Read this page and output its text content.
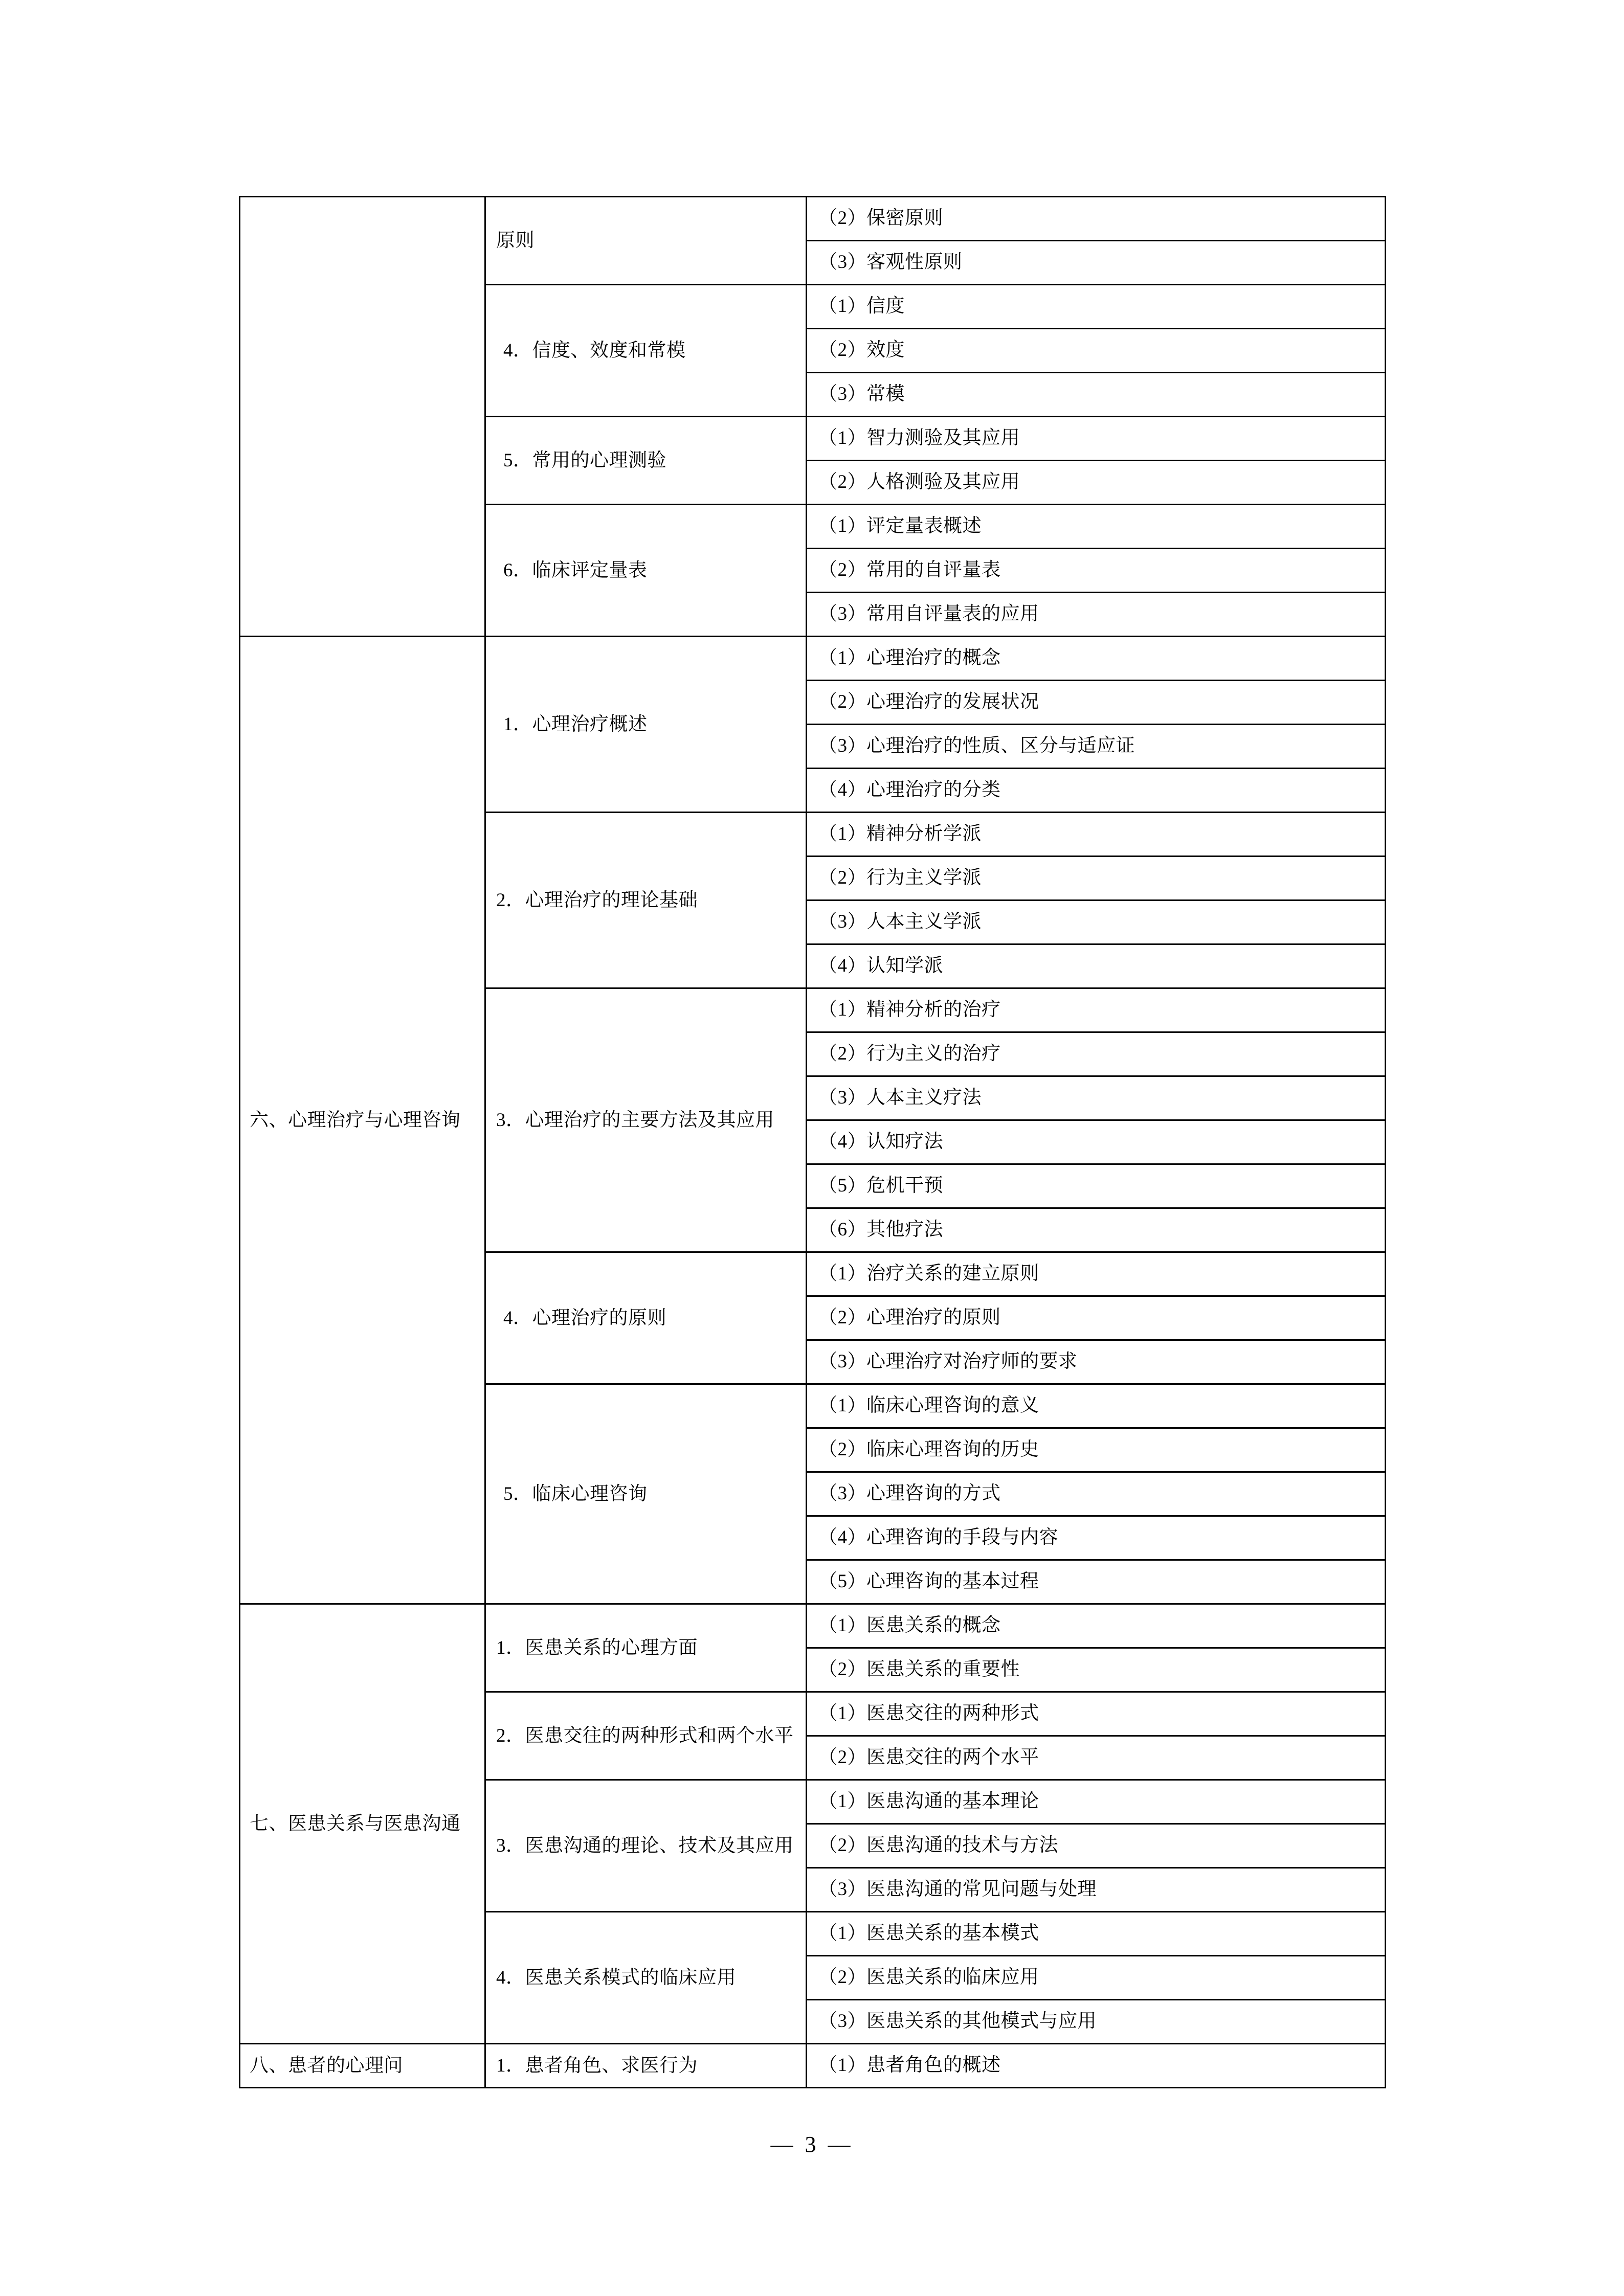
	原则	（2）保密原则
		（3）客观性原则
	4．信度、效度和常模	（1）信度
		（2）效度
		（3）常模
	5．常用的心理测验	（1）智力测验及其应用
		（2）人格测验及其应用
	6．临床评定量表	（1）评定量表概述
		（2）常用的自评量表
		（3）常用自评量表的应用
六、心理治疗与心理咨询	1．心理治疗概述	（1）心理治疗的概念
		（2）心理治疗的发展状况
		（3）心理治疗的性质、区分与适应证
		（4）心理治疗的分类
	2．心理治疗的理论基础	（1）精神分析学派
		（2）行为主义学派
		（3）人本主义学派
		（4）认知学派
	3．心理治疗的主要方法及其应用	（1）精神分析的治疗
		（2）行为主义的治疗
		（3）人本主义疗法
		（4）认知疗法
		（5）危机干预
		（6）其他疗法
	4．心理治疗的原则	（1）治疗关系的建立原则
		（2）心理治疗的原则
		（3）心理治疗对治疗师的要求
	5．临床心理咨询	（1）临床心理咨询的意义
		（2）临床心理咨询的历史
		（3）心理咨询的方式
		（4）心理咨询的手段与内容
		（5）心理咨询的基本过程
七、医患关系与医患沟通	1．医患关系的心理方面	（1）医患关系的概念
		（2）医患关系的重要性
	2．医患交往的两种形式和两个水平	（1）医患交往的两种形式
		（2）医患交往的两个水平
	3．医患沟通的理论、技术及其应用	（1）医患沟通的基本理论
		（2）医患沟通的技术与方法
		（3）医患沟通的常见问题与处理
	4．医患关系模式的临床应用	（1）医患关系的基本模式
		（2）医患关系的临床应用
		（3）医患关系的其他模式与应用
八、患者的心理问	1．患者角色、求医行为	（1）患者角色的概述
— 3 —
